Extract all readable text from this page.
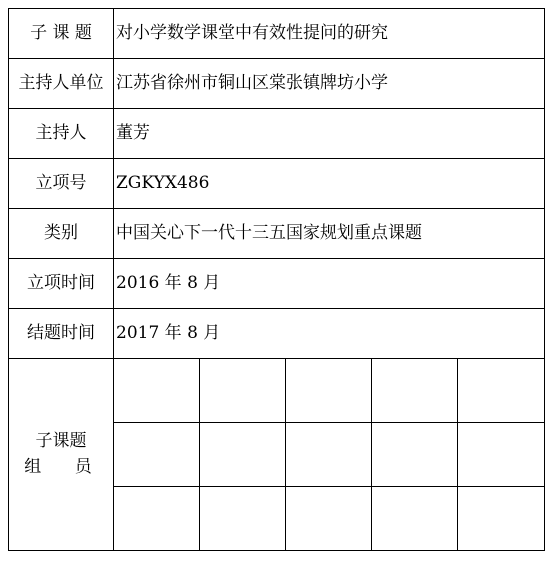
子 课 题	对小学数学课堂中有效性提问的研究				
主持人单位	江苏省徐州市铜山区棠张镇牌坊小学				
主持人	董芳				
立项号	ZGKYX486				
类别	中国关心下一代十三五国家规划重点课题				
立项时间	2016 年 8 月				
结题时间	2017 年 8 月				

子课题
组 员					
